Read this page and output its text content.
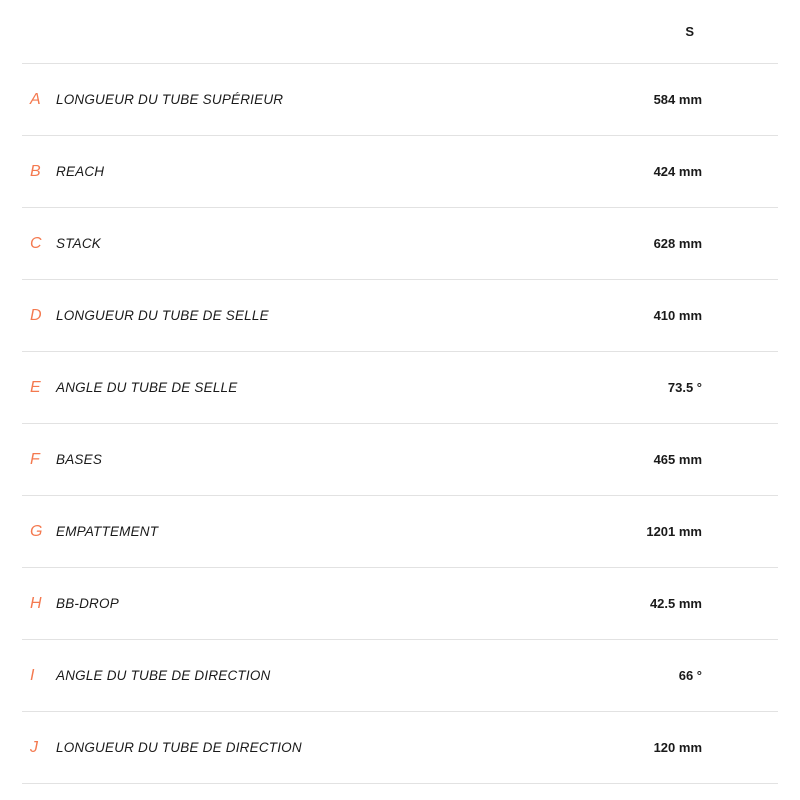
S
A	LONGUEUR DU TUBE SUPÉRIEUR	584 mm
B	REACH	424 mm
C	STACK	628 mm
D	LONGUEUR DU TUBE DE SELLE	410 mm
E	ANGLE DU TUBE DE SELLE	73.5 °
F	BASES	465 mm
G	EMPATTEMENT	1201 mm
H	BB-DROP	42.5 mm
I	ANGLE DU TUBE DE DIRECTION	66 °
J	LONGUEUR DU TUBE DE DIRECTION	120 mm
